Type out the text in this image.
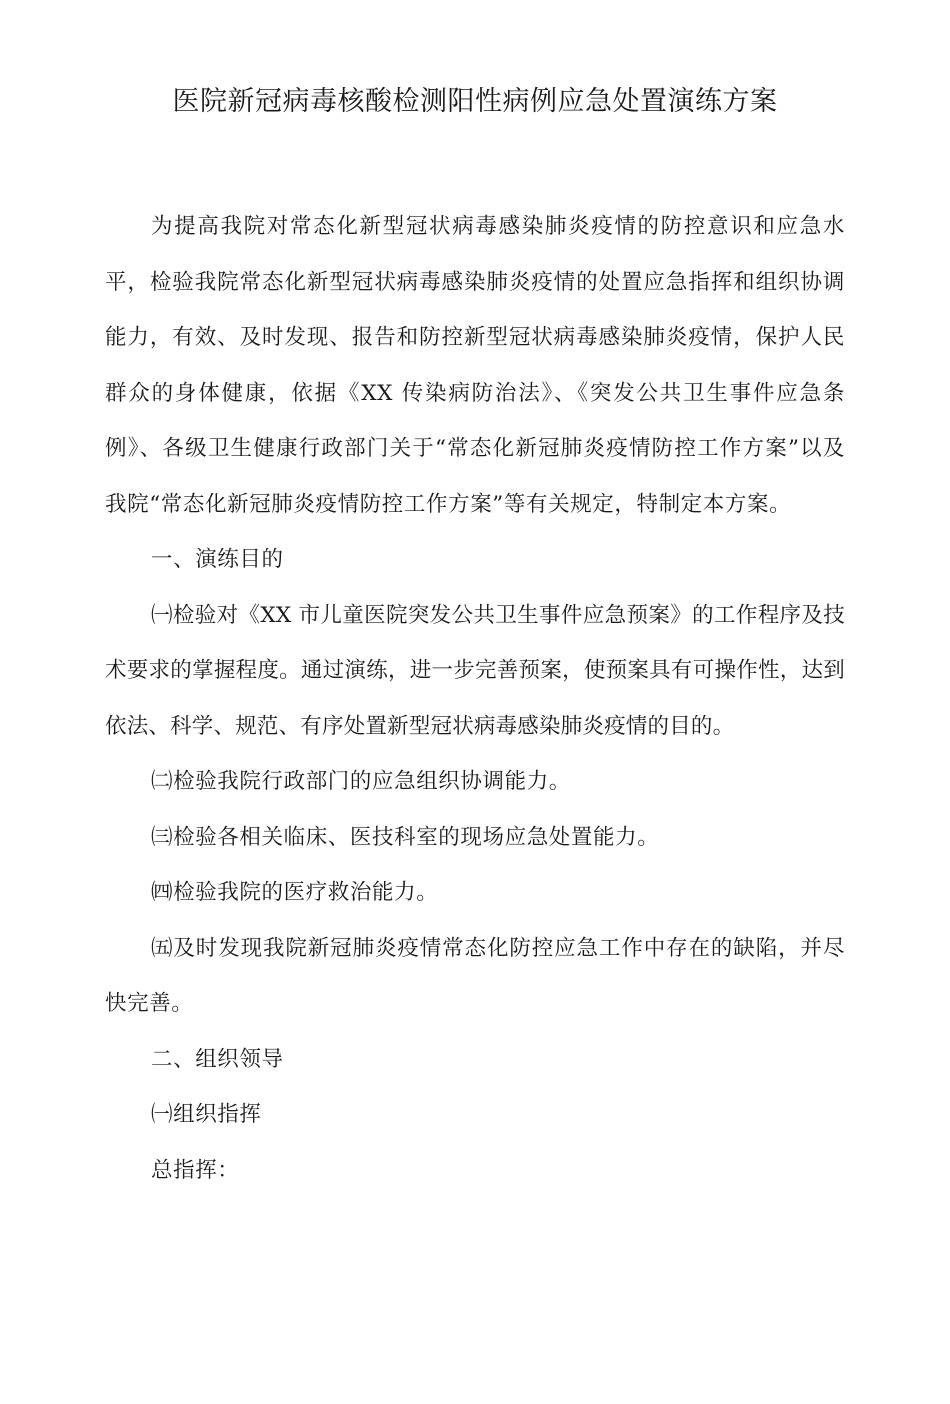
医院新冠病毒核酸检测阳性病例应急处置演练方案

为提高我院对常态化新型冠状病毒感染肺炎疫情的防控意识和应急水平，检验我院常态化新型冠状病毒感染肺炎疫情的处置应急指挥和组织协调能力，有效、及时发现、报告和防控新型冠状病毒感染肺炎疫情，保护人民群众的身体健康，依据《XX 传染病防治法》、《突发公共卫生事件应急条例》、各级卫生健康行政部门关于“常态化新冠肺炎疫情防控工作方案”以及我院“常态化新冠肺炎疫情防控工作方案”等有关规定，特制定本方案。

一、演练目的

㈠检验对《XX 市儿童医院突发公共卫生事件应急预案》的工作程序及技术要求的掌握程度。通过演练，进一步完善预案，使预案具有可操作性，达到依法、科学、规范、有序处置新型冠状病毒感染肺炎疫情的目的。

㈡检验我院行政部门的应急组织协调能力。

㈢检验各相关临床、医技科室的现场应急处置能力。

㈣检验我院的医疗救治能力。

㈤及时发现我院新冠肺炎疫情常态化防控应急工作中存在的缺陷，并尽快完善。

二、组织领导

㈠组织指挥

总指挥：
